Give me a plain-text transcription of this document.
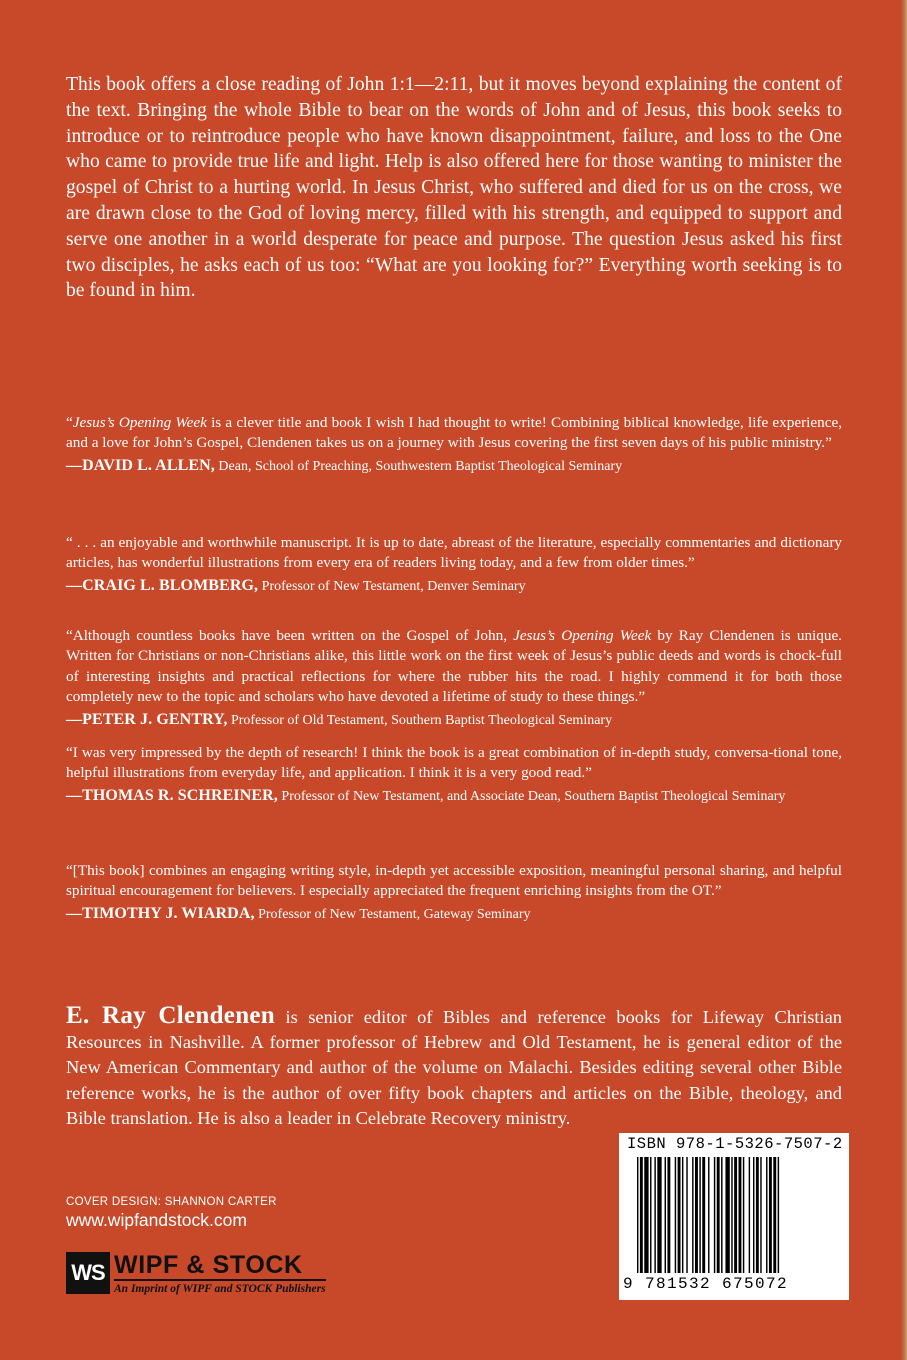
This book offers a close reading of John 1:1—2:11, but it moves beyond explaining the content of the text. Bringing the whole Bible to bear on the words of John and of Jesus, this book seeks to introduce or to reintroduce people who have known disappointment, failure, and loss to the One who came to provide true life and light. Help is also offered here for those wanting to minister the gospel of Christ to a hurting world. In Jesus Christ, who suffered and died for us on the cross, we are drawn close to the God of loving mercy, filled with his strength, and equipped to support and serve one another in a world desperate for peace and purpose. The question Jesus asked his first two disciples, he asks each of us too: “What are you looking for?” Everything worth seeking is to be found in him.

“Jesus’s Opening Week is a clever title and book I wish I had thought to write! Combining biblical knowledge, life experience, and a love for John’s Gospel, Clendenen takes us on a journey with Jesus covering the first seven days of his public ministry.”

—DAVID L. ALLEN, Dean, School of Preaching, Southwestern Baptist Theological Seminary

“ . . . an enjoyable and worthwhile manuscript. It is up to date, abreast of the literature, especially commentaries and dictionary articles, has wonderful illustrations from every era of readers living today, and a few from older times.”

—CRAIG L. BLOMBERG, Professor of New Testament, Denver Seminary

“Although countless books have been written on the Gospel of John, Jesus’s Opening Week by Ray Clendenen is unique. Written for Christians or non-Christians alike, this little work on the first week of Jesus’s public deeds and words is chock-full of interesting insights and practical reflections for where the rubber hits the road. I highly commend it for both those completely new to the topic and scholars who have devoted a lifetime of study to these things.”

—PETER J. GENTRY, Professor of Old Testament, Southern Baptist Theological Seminary

“I was very impressed by the depth of research! I think the book is a great combination of in-depth study, conversa-tional tone, helpful illustrations from everyday life, and application. I think it is a very good read.”

—THOMAS R. SCHREINER, Professor of New Testament, and Associate Dean, Southern Baptist Theological Seminary

“[This book] combines an engaging writing style, in-depth yet accessible exposition, meaningful personal sharing, and helpful spiritual encouragement for believers. I especially appreciated the frequent enriching insights from the OT.”

—TIMOTHY J. WIARDA, Professor of New Testament, Gateway Seminary

E. Ray Clendenen is senior editor of Bibles and reference books for Lifeway Christian Resources in Nashville. A former professor of Hebrew and Old Testament, he is general editor of the New American Commentary and author of the volume on Malachi. Besides editing several other Bible reference works, he is the author of over fifty book chapters and articles on the Bible, theology, and Bible translation. He is also a leader in Celebrate Recovery ministry.
COVER DESIGN: SHANNON CARTER
www.wipfandstock.com
WS WIPF & STOCK
An Imprint of WIPF and STOCK Publishers
ISBN 978-1-5326-7507-2
9 781532 675072
